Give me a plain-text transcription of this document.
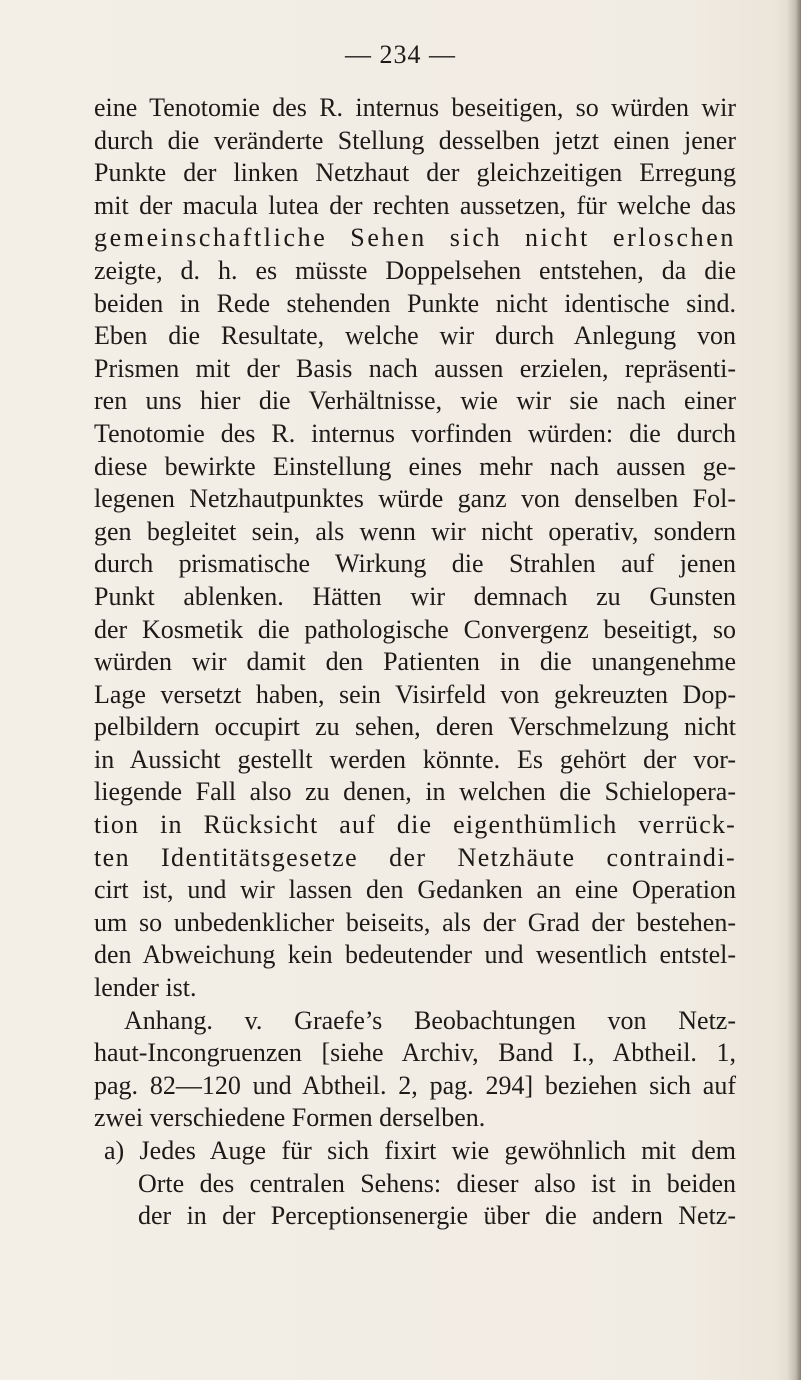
— 234 —
eine Tenotomie des R. internus beseitigen, so würden wir
durch die veränderte Stellung desselben jetzt einen jener
Punkte der linken Netzhaut der gleichzeitigen Erregung
mit der macula lutea der rechten aussetzen, für welche das
gemeinschaftliche Sehen sich nicht erloschen
zeigte, d. h. es müsste Doppelsehen entstehen, da die
beiden in Rede stehenden Punkte nicht identische sind.
Eben die Resultate, welche wir durch Anlegung von
Prismen mit der Basis nach aussen erzielen, repräsenti-
ren uns hier die Verhältnisse, wie wir sie nach einer
Tenotomie des R. internus vorfinden würden: die durch
diese bewirkte Einstellung eines mehr nach aussen ge-
legenen Netzhautpunktes würde ganz von denselben Fol-
gen begleitet sein, als wenn wir nicht operativ, sondern
durch prismatische Wirkung die Strahlen auf jenen
Punkt ablenken. Hätten wir demnach zu Gunsten
der Kosmetik die pathologische Convergenz beseitigt, so
würden wir damit den Patienten in die unangenehme
Lage versetzt haben, sein Visirfeld von gekreuzten Dop-
pelbildern occupirt zu sehen, deren Verschmelzung nicht
in Aussicht gestellt werden könnte. Es gehört der vor-
liegende Fall also zu denen, in welchen die Schielopera-
tion in Rücksicht auf die eigenthümlich verrück-
ten Identitätsgesetze der Netzhäute contraindi-
cirt ist, und wir lassen den Gedanken an eine Operation
um so unbedenklicher beiseits, als der Grad der bestehen-
den Abweichung kein bedeutender und wesentlich entstel-
lender ist.
Anhang. v. Graefe’s Beobachtungen von Netz-
haut-Incongruenzen [siehe Archiv, Band I., Abtheil. 1,
pag. 82—120 und Abtheil. 2, pag. 294] beziehen sich auf
zwei verschiedene Formen derselben.
a) Jedes Auge für sich fixirt wie gewöhnlich mit dem
Orte des centralen Sehens: dieser also ist in beiden
der in der Perceptionsenergie über die andern Netz-
